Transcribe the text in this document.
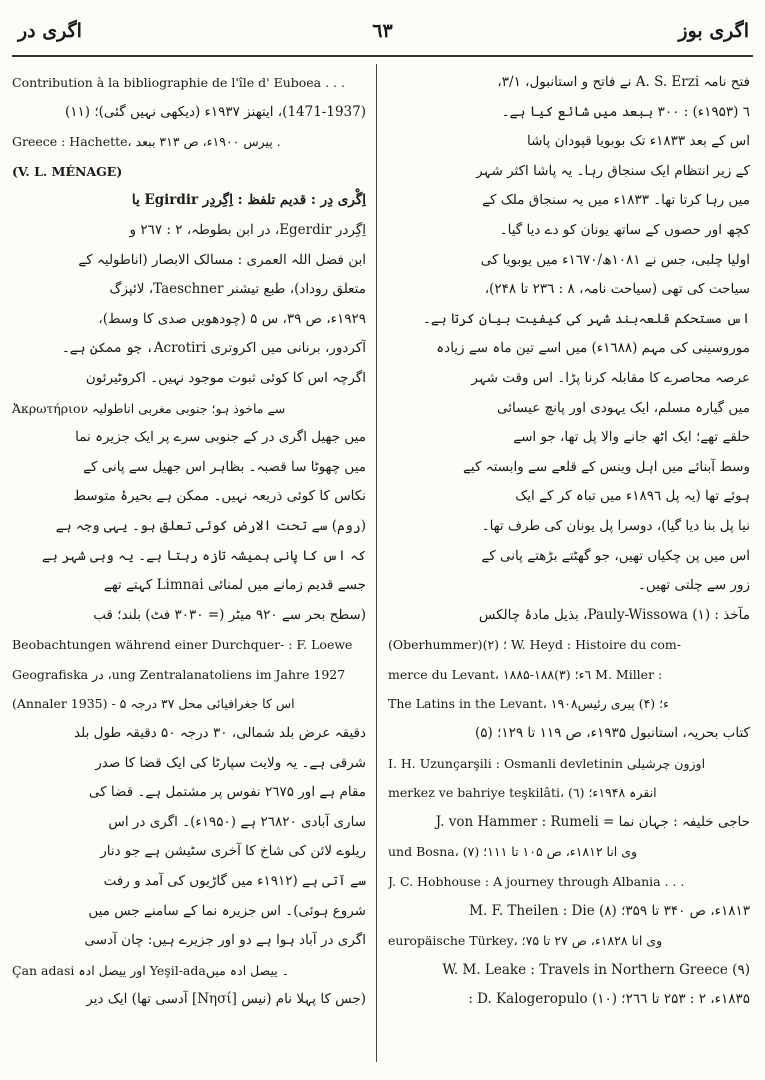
اگری در	٦٣	اگری بوز
Contribution à la bibliographie de l'île d' Euboea . . .
(1471-1937)، ایتھنز ۱۹۳۷ء (دیکھی نہیں گئی)؛ (۱۱)
Greece : Hachette، پیرس ۱۹۰۰ء، ص ۳۱۳ ببعد .
(V. L. MÉNAGE)
اِگْری دِر : قدیم تلفظ : اِگِردِر Egirdir یا
اِگِردر Egerdir، در ابن بطوطہ، ۲ : ۲٦۷ و
ابن فضل اللہ العمری : مسالک الابصار (اناطولیہ کے
متعلق روداد)، طبع تیشنر Taeschner، لائپزگ
۱۹۲۹ء، ص ۳۹، س ۵ (چودھویں صدی کا وسط)،
آکردور، برنانی میں اکروتری Acrotiri، جو ممکن ہے۔
اگرچہ اس کا کوئی ثبوت موجود نہیں۔ اکروٹیرئون
Ἀκρωτήριον سے ماخوذ ہو؛ جنوبی مغربی اناطولیہ
میں جھیل اگری در کے جنوبی سرے پر ایک جزیرہ نما
میں چھوٹا سا قصبہ۔ بظاہر اس جھیل سے پانی کے
نکاس کا کوئی ذریعہ نہیں۔ ممکن ہے بحیرۂ متوسط
(روم) سے تحت الارض کوئی تعلق ہو۔ یہی وجہ ہے
کہ اس کا پانی ہمیشہ تازہ رہتا ہے۔ یہ وہی شہر ہے
جسے قدیم زمانے میں لمنائی Limnai کہتے تھے
(سطح بحر سے ۹۲۰ میٹر (= ۳۰۳۰ فٹ) بلند؛ قب
Beobachtungen während einer Durchquer- : F. Loewe
Geografiska در ،ung Zentralanatoliens im Jahre 1927
(Annaler 1935) - اس کا جغرافیائی محل ۳۷ درجہ ۵
دقیقہ عرض بلد شمالی، ۳۰ درجہ ۵۰ دقیقہ طول بلد
شرقی ہے۔ یہ ولایت سپارٹا کی ایک قضا کا صدر
مقام ہے اور ۲٦۷۵ نفوس پر مشتمل ہے۔ قضا کی
ساری آبادی ۲٦۸۲۰ ہے (۱۹۵۰ء)۔ اگری در اس
ریلوے لائن کی شاخ کا آخری سٹیشن ہے جو دنار
سے آتی ہے (۱۹۱۲ء میں گاڑیوں کی آمد و رفت
شروع ہوئی)۔ اس جزیرہ نما کے سامنے جس میں
اگری در آباد ہوا ہے دو اور جزیرے ہیں: چان آدسی
Çan adasi اور ییصل ادہ Yeşil-ada۔ ییصل ادہ میں
(جس کا پہلا نام (نیس [Νησί] آدسی تھا) ایک دیر
فتح نامہ A. S. Erzi نے فاتح و استانبول، ۳/۱،
٦ (۱۹۵۳ء) : ۳۰۰ ببعد میں شائع کیا ہے۔
اس کے بعد ۱۸۳۳ء تک بوبویا قپودان پاشا
کے زیر انتظام ایک سنجاق رہا۔ یہ پاشا اکثر شہر
میں رہا کرتا تھا۔ ۱۸۳۳ء میں یہ سنجاق ملک کے
کچھ اور حصوں کے ساتھ یونان کو دے دیا گیا۔
اولیا چلبی، جس نے ۱۰۸۱ھ/۱٦۷۰ء میں یوبویا کی
سیاحت کی تھی (سیاحت نامہ، ۸ : ۲۳٦ تا ۲۴۸)،
اس مستحکم قلعہ‌بند شہر کی کیفیت بیان کرتا ہے۔
موروسینی کی مہم (۱٦۸۸ء) میں اسے تین ماہ سے زیادہ
عرصہ محاصرے کا مقابلہ کرنا پڑا۔ اس وقت شہر
میں گیارہ مسلم، ایک یہودی اور پانچ عیسائی
حلقے تھے؛ ایک اٹھ جانے والا پل تھا، جو اسے
وسط آبنائے میں اہل وینس کے قلعے سے وابستہ کیے
ہوئے تھا (یہ پل ۱۸۹٦ء میں تباہ کر کے ایک
نیا پل بنا دیا گیا)، دوسرا پل یونان کی طرف تھا۔
اس میں پن چکیاں تھیں، جو گھٹتے بڑھتے پانی کے
زور سے چلتی تھیں۔
مآخذ : (۱) Pauly-Wissowa، بذیل مادۂ چالکس
(Oberhummer)؛ (۲) W. Heyd : Histoire du com-
merce du Levant، ۱۸۸۵-۱۸۸٦ء؛ (۳) M. Miller :
The Latins in the Levant، ۱۹۰۸ء؛ (۴) پیری رئیس
کتاب بحریہ، استانبول ۱۹۳۵ء، ص ۱۱۹ تا ۱۲۹؛ (۵)
I. H. Uzunçarşili : Osmanli devletinin اوزون چرشیلی
merkez ve bahriye teşkilâti، انقرہ ۱۹۴۸ء؛ (٦)
حاجی خلیفہ : جہان نما = J. von Hammer : Rumeli
und Bosna، وی انا ۱۸۱۲ء، ص ۱۰۵ تا ۱۱۱؛ (۷)
J. C. Hobhouse : A journey through Albania . . .
۱۸۱۳ء، ص ۳۴۰ تا ۳۵۹؛ (۸) M. F. Theilen : Die
europäische Türkey، وی انا ۱۸۲۸ء، ص ۲۷ تا ۷۵؛
(۹) W. M. Leake : Travels in Northern Greece
۱۸۳۵ء، ۲ : ۲۵۳ تا ۲٦٦؛ (۱۰) D. Kalogeropulo :
